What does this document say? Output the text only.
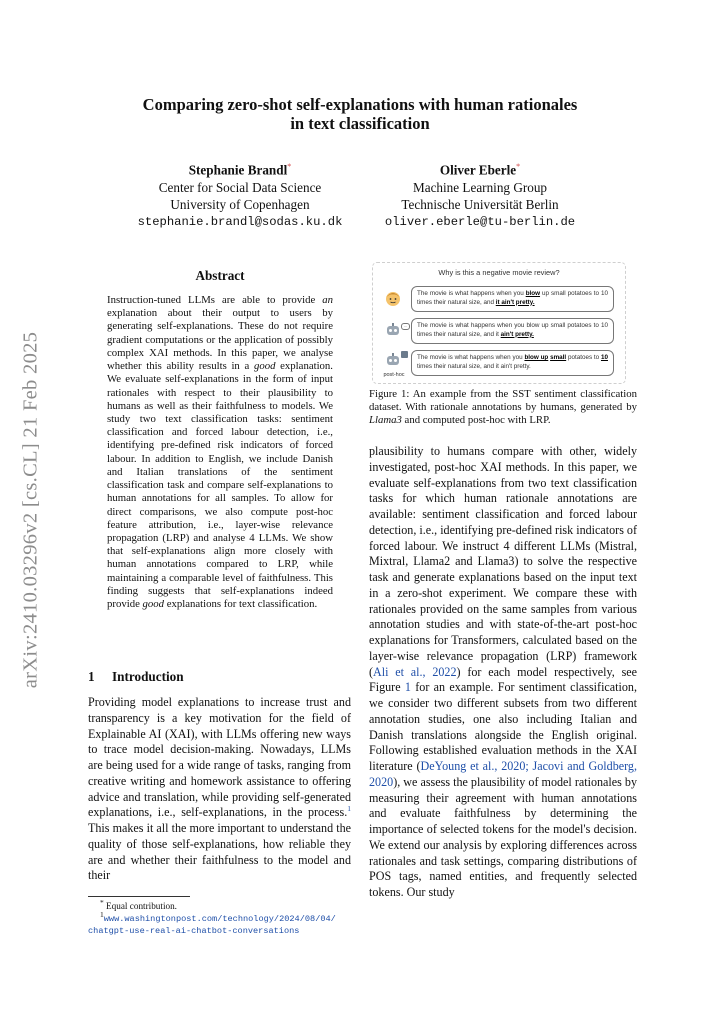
arXiv:2410.03296v2 [cs.CL] 21 Feb 2025
Comparing zero-shot self-explanations with human rationales
in text classification
Stephanie Brandl*
Center for Social Data Science
University of Copenhagen
stephanie.brandl@sodas.ku.dk
Oliver Eberle*
Machine Learning Group
Technische Universität Berlin
oliver.eberle@tu-berlin.de
Abstract
Instruction-tuned LLMs are able to provide an explanation about their output to users by generating self-explanations. These do not require gradient computations or the application of possibly complex XAI methods. In this paper, we analyse whether this ability results in a good explanation. We evaluate self-explanations in the form of input rationales with respect to their plausibility to humans as well as their faithfulness to models. We study two text classification tasks: sentiment classification and forced labour detection, i.e., identifying pre-defined risk indicators of forced labour. In addition to English, we include Danish and Italian translations of the sentiment classification task and compare self-explanations to human annotations for all samples. To allow for direct comparisons, we also compute post-hoc feature attribution, i.e., layer-wise relevance propagation (LRP) and analyse 4 LLMs. We show that self-explanations align more closely with human annotations compared to LRP, while maintaining a comparable level of faithfulness. This finding suggests that self-explanations indeed provide good explanations for text classification.
1 Introduction
Providing model explanations to increase trust and transparency is a key motivation for the field of Explainable AI (XAI), with LLMs offering new ways to trace model decision-making. Nowadays, LLMs are being used for a wide range of tasks, ranging from creative writing and homework assistance to offering advice and translation, while providing self-generated explanations, i.e., self-explanations, in the process.$^1$ This makes it all the more important to understand the quality of those self-explanations, how reliable they are and whether their faithfulness to the model and their
* Equal contribution.
$^1$www.washingtonpost.com/technology/2024/08/04/
chatgpt-use-real-ai-chatbot-conversations
Why is this a negative movie review?
The movie is what happens when you blow up small potatoes to 10 times their natural size, and it ain't pretty.
…	The movie is what happens when you blow up small potatoes to 10 times their natural size, and it ain't pretty.
post-hoc
The movie is what happens when you blow up small potatoes to 10 times their natural size, and it ain't pretty.
Figure 1: An example from the SST sentiment classification dataset. With rationale annotations by humans, generated by Llama3 and computed post-hoc with LRP.
plausibility to humans compare with other, widely investigated, post-hoc XAI methods. In this paper, we evaluate self-explanations from two text classification tasks for which human rationale annotations are available: sentiment classification and forced labour detection, i.e., identifying pre-defined risk indicators of forced labour. We instruct 4 different LLMs (Mistral, Mixtral, Llama2 and Llama3) to solve the respective task and generate explanations based on the input text in a zero-shot experiment. We compare these with rationales provided on the same samples from various annotation studies and with state-of-the-art post-hoc explanations for Transformers, calculated based on the layer-wise relevance propagation (LRP) framework (Ali et al., 2022) for each model respectively, see Figure 1 for an example. For sentiment classification, we consider two different subsets from two different annotation studies, one also including Italian and Danish translations alongside the English original. Following established evaluation methods in the XAI literature (DeYoung et al., 2020; Jacovi and Goldberg, 2020), we assess the plausibility of model rationales by measuring their agreement with human annotations and evaluate faithfulness by determining the importance of selected tokens for the model's decision. We extend our analysis by exploring differences across rationales and task settings, comparing distributions of POS tags, named entities, and frequently selected tokens. Our study
